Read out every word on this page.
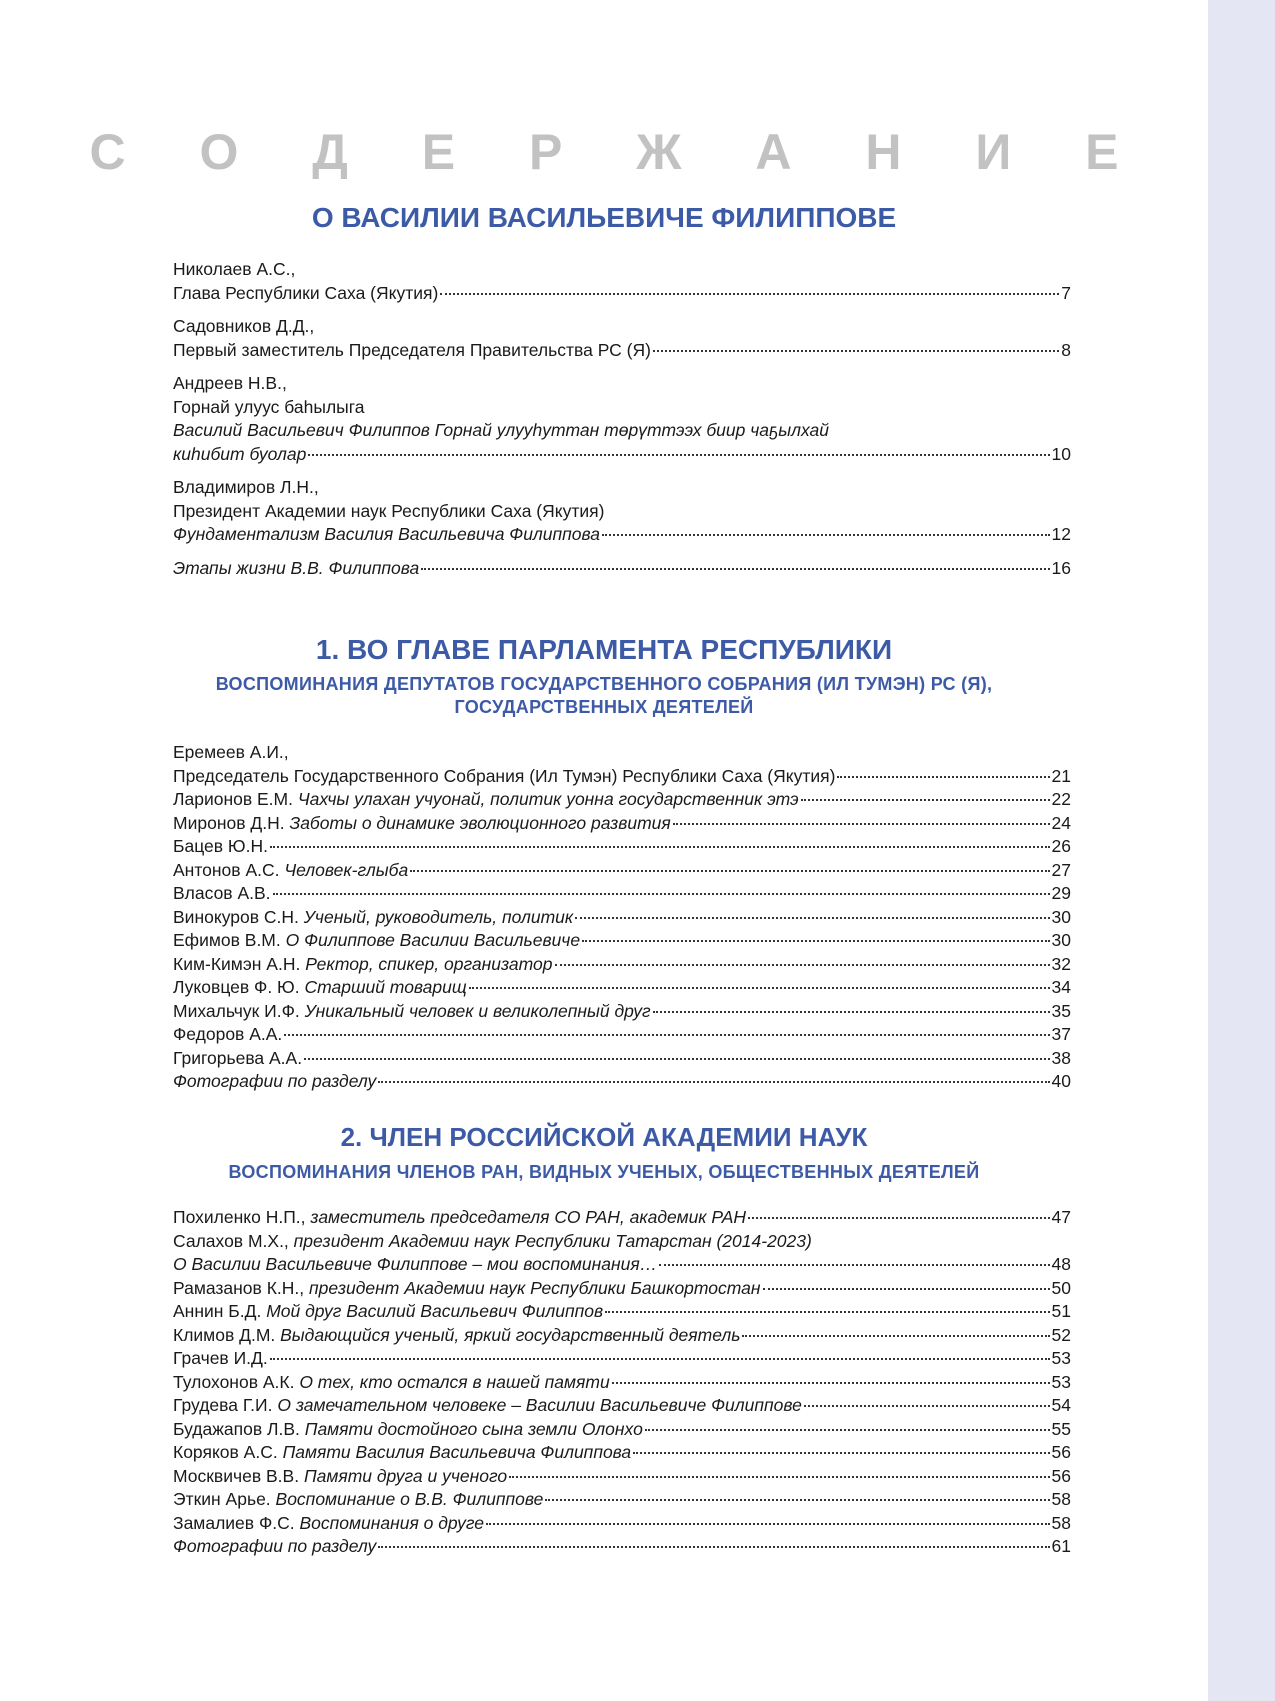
С О Д Е Р Ж А Н И Е
О ВАСИЛИИ ВАСИЛЬЕВИЧЕ ФИЛИППОВЕ
Николаев А.С.,
Глава Республики Саха (Якутия)	7
Садовников Д.Д.,
Первый заместитель Председателя Правительства РС (Я)	8
Андреев Н.В.,
Горнай улуус баһылыга
Василий Васильевич Филиппов Горнай улууһуттан төрүттээх биир чаҕылхай
киһибит буолар	10
Владимиров Л.Н.,
Президент Академии наук Республики Саха (Якутия)
Фундаментализм Василия Васильевича Филиппова	12
Этапы жизни В.В. Филиппова	16
1. ВО ГЛАВЕ ПАРЛАМЕНТА РЕСПУБЛИКИ
ВОСПОМИНАНИЯ ДЕПУТАТОВ ГОСУДАРСТВЕННОГО СОБРАНИЯ (ИЛ ТУМЭН) РС (Я),
ГОСУДАРСТВЕННЫХ ДЕЯТЕЛЕЙ
Еремеев А.И.,
Председатель Государственного Собрания (Ил Тумэн) Республики Саха (Якутия)	21
Ларионов Е.М. Чахчы улахан учуонай, политик уонна государственник этэ	22
Миронов Д.Н. Заботы о динамике эволюционного развития	24
Бацев Ю.Н.	26
Антонов А.С. Человек-глыба	27
Власов А.В.	29
Винокуров С.Н. Ученый, руководитель, политик	30
Ефимов В.М. О Филиппове Василии Васильевиче	30
Ким-Кимэн А.Н. Ректор, спикер, организатор	32
Луковцев Ф. Ю. Старший товарищ	34
Михальчук И.Ф. Уникальный человек и великолепный друг	35
Федоров А.А.	37
Григорьева А.А.	38
Фотографии по разделу	40
2. ЧЛЕН РОССИЙСКОЙ АКАДЕМИИ НАУК
ВОСПОМИНАНИЯ ЧЛЕНОВ РАН, ВИДНЫХ УЧЕНЫХ, ОБЩЕСТВЕННЫХ ДЕЯТЕЛЕЙ
Похиленко Н.П., заместитель председателя СО РАН, академик РАН	47
Салахов М.Х., президент Академии наук Республики Татарстан (2014-2023)
О Василии Васильевиче Филиппове – мои воспоминания…	48
Рамазанов К.Н., президент Академии наук Республики Башкортостан	50
Аннин Б.Д. Мой друг Василий Васильевич Филиппов	51
Климов Д.М. Выдающийся ученый, яркий государственный деятель	52
Грачев И.Д.	53
Тулохонов А.К. О тех, кто остался в нашей памяти	53
Грудева Г.И. О замечательном человеке – Василии Васильевиче Филиппове	54
Будажапов Л.В. Памяти достойного сына земли Олонхо	55
Коряков А.С. Памяти Василия Васильевича Филиппова	56
Москвичев В.В. Памяти друга и ученого	56
Эткин Арье. Воспоминание о В.В. Филиппове	58
Замалиев Ф.С. Воспоминания о друге	58
Фотографии по разделу	61
